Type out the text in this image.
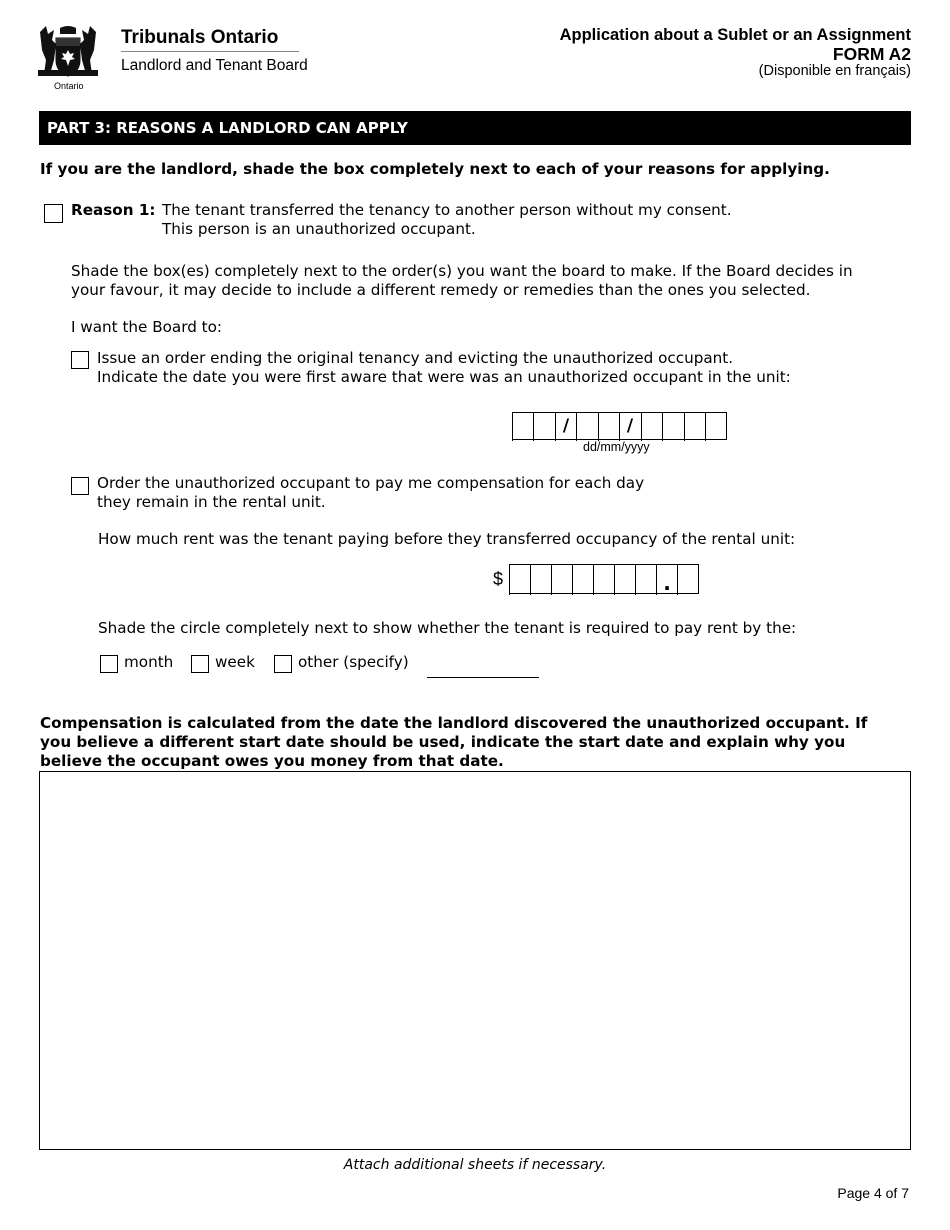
Ontario
Tribunals Ontario
Landlord and Tenant Board
Application about a Sublet or an Assignment
FORM A2
(Disponible en français)
PART 3: REASONS A LANDLORD CAN APPLY
If you are the landlord, shade the box completely next to each of your reasons for applying.
Reason 1: The tenant transferred the tenancy to another person without my consent.
This person is an unauthorized occupant.
Shade the box(es) completely next to the order(s) you want the board to make. If the Board decides in
your favour, it may decide to include a different remedy or remedies than the ones you selected.
I want the Board to:
Issue an order ending the original tenancy and evicting the unauthorized occupant.
Indicate the date you were first aware that were was an unauthorized occupant in the unit:
/	/
dd/mm/yyyy
Order the unauthorized occupant to pay me compensation for each day
they remain in the rental unit.
How much rent was the tenant paying before they transferred occupancy of the rental unit:
$	.
Shade the circle completely next to show whether the tenant is required to pay rent by the:
month	week	other (specify)
Compensation is calculated from the date the landlord discovered the unauthorized occupant. If
you believe a different start date should be used, indicate the start date and explain why you
believe the occupant owes you money from that date.
Attach additional sheets if necessary.
Page 4 of 7
